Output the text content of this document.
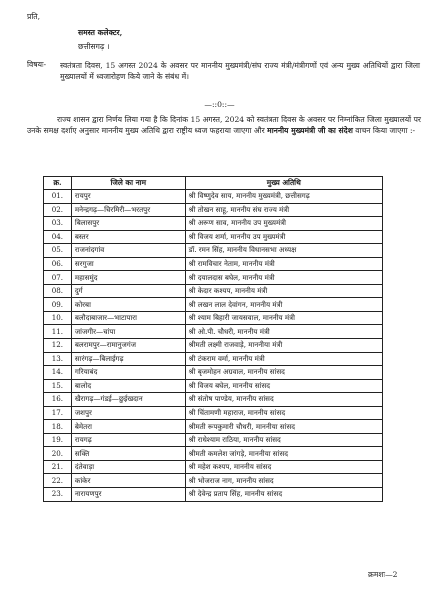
प्रति,
समस्त कलेक्टर,
छत्तीसगढ़ ।
विषयः- स्वतंत्रता दिवस, 15 अगस्त 2024 के अवसर पर माननीय मुख्यमंत्री/संघ राज्य मंत्री/मंत्रीगणों एवं अन्य मुख्य अतिथियों द्वारा जिला मुख्यालयों में ध्वजारोहण किये जाने के संबंध में।
—::0::—
राज्य शासन द्वारा निर्णय लिया गया है कि दिनांक 15 अगस्त, 2024 को स्वतंत्रता दिवस के अवसर पर निम्नांकित जिला मुख्यालयों पर उनके समक्ष दर्शाए अनुसार माननीय मुख्य अतिथि द्वारा राष्ट्रीय ध्वज फहराया जाएगा और माननीय मुख्यमंत्री जी का संदेश वाचन किया जाएगा :-
क्र.	जिले का नाम	मुख्य अतिथि
01.	रायपुर	श्री विष्णुदेव साय, माननीय मुख्यमंत्री, छत्तीसगढ़
02.	मनेन्द्रगढ़—चिरमिरी—भरतपुर	श्री तोखन साहू, माननीय संघ राज्य मंत्री
03.	बिलासपुर	श्री अरूण साव, माननीय उप मुख्यमंत्री
04.	बस्तर	श्री विजय शर्मा, माननीय उप मुख्यमंत्री
05.	राजनांदगांव	डॉ. रमन सिंह, माननीय विधानसभा अध्यक्ष
06.	सरगुजा	श्री रामविचार नेताम, माननीय मंत्री
07.	महासमुंद	श्री दयालदास बघेल, माननीय मंत्री
08.	दुर्ग	श्री केदार कश्यप, माननीय मंत्री
09.	कोरबा	श्री लखन लाल देवांगन, माननीय मंत्री
10.	बलौदाबाजार—भाटापारा	श्री श्याम बिहारी जायसवाल, माननीय मंत्री
11.	जांजगीर—चांपा	श्री ओ.पी. चौधरी, माननीय मंत्री
12.	बलरामपुर—रामानुजगंज	श्रीमती लक्ष्मी राजवाड़े, माननीया मंत्री
13.	सारंगढ़—बिलाईगढ़	श्री टंकराम वर्मा, माननीय मंत्री
14.	गरियाबंद	श्री बृजमोहन अग्रवाल, माननीय सांसद
15.	बालोद	श्री विजय बघेल, माननीय सांसद
16.	खैरागढ़—गंडई—छुईखदान	श्री संतोष पाण्डेय, माननीय सांसद
17.	जशपुर	श्री चिंतामणी महाराज, माननीय सांसद
18.	बेमेतरा	श्रीमती रूपकुमारी चौधरी, माननीया सांसद
19.	रायगढ़	श्री राधेश्याम राठिया, माननीय सांसद
20.	सक्ति	श्रीमती कमलेश जांगड़े, माननीया सांसद
21.	दंतेवाड़ा	श्री महेश कश्यप, माननीय सांसद
22.	कांकेर	श्री भोजराज नाग, माननीय सांसद
23.	नारायणपुर	श्री देवेन्द्र प्रताप सिंह, माननीय सांसद
क्रमशः—2
